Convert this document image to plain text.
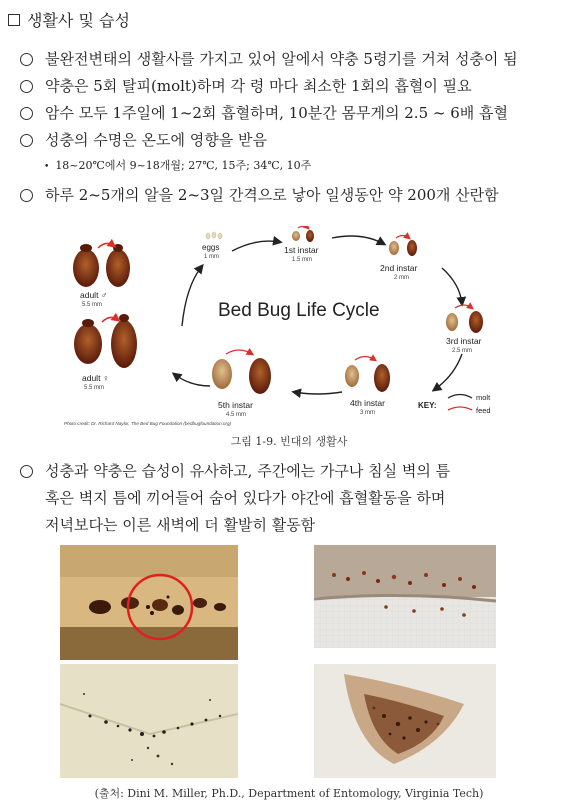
생활사 및 습성
불완전변태의 생활사를 가지고 있어 알에서 약충 5령기를 거쳐 성충이 됨
약충은 5회 탈피(molt)하며 각 령 마다 최소한 1회의 흡혈이 필요
암수 모두 1주일에 1~2회 흡혈하며, 10분간 몸무게의 2.5 ~ 6배 흡혈
성충의 수명은 온도에 영향을 받음
• 18~20℃에서 9~18개월; 27℃, 15주; 34℃, 10주
하루 2~5개의 알을 2~3일 간격으로 낳아 일생동안 약 200개 산란함
adult ♂
5.5 mm
adult ♀
5.5 mm
eggs
1 mm
1st instar
1.5 mm
2nd instar
2 mm
3rd instar
2.5 mm
4th instar
3 mm
5th instar
4.5 mm
Bed Bug Life Cycle
KEY:
molt
feed
Photo credit: Dr. Richard Naylor, The Bed Bug Foundation (bedbugfoundation.org)
그림 1-9. 빈대의 생활사
성충과 약충은 습성이 유사하고, 주간에는 가구나 침실 벽의 틈
혹은 벽지 틈에 끼어들어 숨어 있다가 야간에 흡혈활동을 하며
저녁보다는 이른 새벽에 더 활발히 활동함
(출처: Dini M. Miller, Ph.D., Department of Entomology, Virginia Tech)
